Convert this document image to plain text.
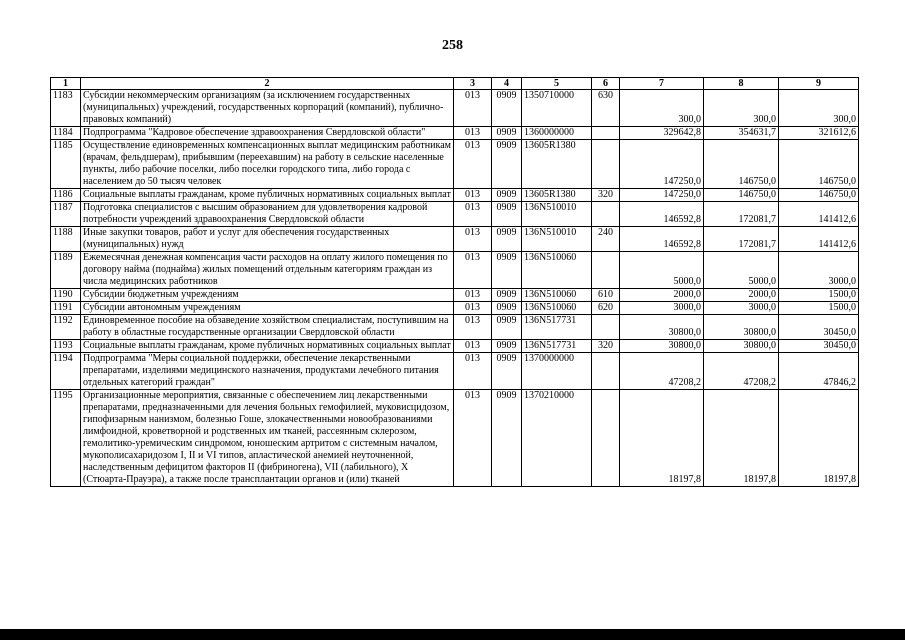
258
1	2	3	4	5	6	7	8	9
1183	Субсидии некоммерческим организациям (за исключением государственных (муниципальных) учреждений, государственных корпораций (компаний), публично-правовых компаний)	013	0909	1350710000	630	300,0	300,0	300,0
1184	Подпрограмма "Кадровое обеспечение здравоохранения Свердловской области"	013	0909	1360000000		329642,8	354631,7	321612,6
1185	Осуществление единовременных компенсационных выплат медицинским работникам (врачам, фельдшерам), прибывшим (переехавшим) на работу в сельские населенные пункты, либо рабочие поселки, либо поселки городского типа, либо города с населением до 50 тысяч человек	013	0909	13605R1380		147250,0	146750,0	146750,0
1186	Социальные выплаты гражданам, кроме публичных нормативных социальных выплат	013	0909	13605R1380	320	147250,0	146750,0	146750,0
1187	Подготовка специалистов с высшим образованием для удовлетворения кадровой потребности учреждений здравоохранения Свердловской области	013	0909	136N510010		146592,8	172081,7	141412,6
1188	Иные закупки товаров, работ и услуг для обеспечения государственных (муниципальных) нужд	013	0909	136N510010	240	146592,8	172081,7	141412,6
1189	Ежемесячная денежная компенсация части расходов на оплату жилого помещения по договору найма (поднайма) жилых помещений отдельным категориям граждан из числа медицинских работников	013	0909	136N510060		5000,0	5000,0	3000,0
1190	Субсидии бюджетным учреждениям	013	0909	136N510060	610	2000,0	2000,0	1500,0
1191	Субсидии автономным учреждениям	013	0909	136N510060	620	3000,0	3000,0	1500,0
1192	Единовременное пособие на обзаведение хозяйством специалистам, поступившим на работу в областные государственные организации Свердловской области	013	0909	136N517731		30800,0	30800,0	30450,0
1193	Социальные выплаты гражданам, кроме публичных нормативных социальных выплат	013	0909	136N517731	320	30800,0	30800,0	30450,0
1194	Подпрограмма "Меры социальной поддержки, обеспечение лекарственными препаратами, изделиями медицинского назначения, продуктами лечебного питания отдельных категорий граждан"	013	0909	1370000000		47208,2	47208,2	47846,2
1195	Организационные мероприятия, связанные с обеспечением лиц лекарственными препаратами, предназначенными для лечения больных гемофилией, муковисцидозом, гипофизарным нанизмом, болезнью Гоше, злокачественными новообразованиями лимфоидной, кроветворной и родственных им тканей, рассеянным склерозом, гемолитико-уремическим синдромом, юношеским артритом с системным началом, мукополисахаридозом I, II и VI типов, апластической анемией неуточненной, наследственным дефицитом факторов II (фибриногена), VII (лабильного), X (Стюарта-Прауэра), а также после трансплантации органов и (или) тканей	013	0909	1370210000		18197,8	18197,8	18197,8
